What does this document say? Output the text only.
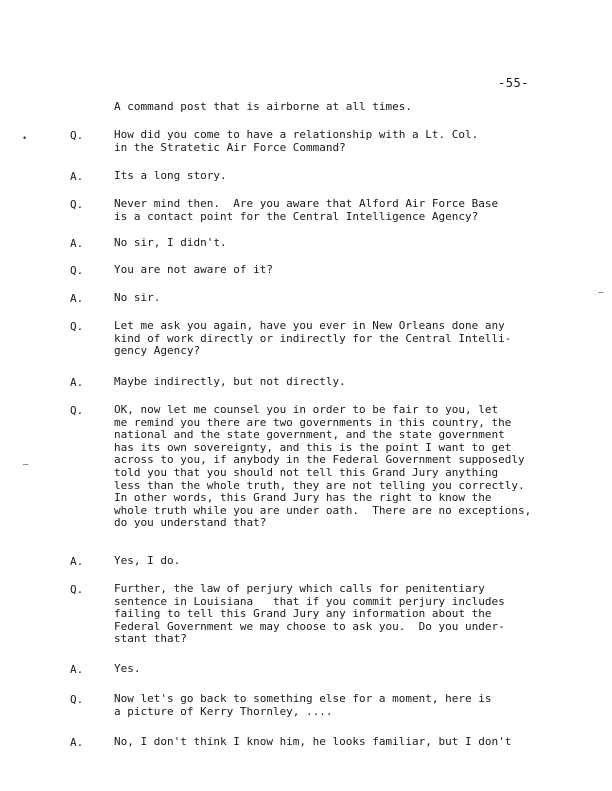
-55-
A command post that is airborne at all times.
Q.	How did you come to have a relationship with a Lt. Col.
in the Stratetic Air Force Command?
A.	Its a long story.
Q.	Never mind then.  Are you aware that Alford Air Force Base
is a contact point for the Central Intelligence Agency?
A.	No sir, I didn't.
Q.	You are not aware of it?
A.	No sir.
Q.	Let me ask you again, have you ever in New Orleans done any
kind of work directly or indirectly for the Central Intelli-
gency Agency?
A.	Maybe indirectly, but not directly.
Q.	OK, now let me counsel you in order to be fair to you, let
me remind you there are two governments in this country, the
national and the state government, and the state government
has its own sovereignty, and this is the point I want to get
across to you, if anybody in the Federal Government supposedly
told you that you should not tell this Grand Jury anything
less than the whole truth, they are not telling you correctly.
In other words, this Grand Jury has the right to know the
whole truth while you are under oath.  There are no exceptions,
do you understand that?
A.	Yes, I do.
Q.	Further, the law of perjury which calls for penitentiary
sentence in Louisiana   that if you commit perjury includes
failing to tell this Grand Jury any information about the
Federal Government we may choose to ask you.  Do you under-
stant that?
A.	Yes.
Q.	Now let's go back to something else for a moment, here is
a picture of Kerry Thornley, ....
A.	No, I don't think I know him, he looks familiar, but I don't
•
–
–
